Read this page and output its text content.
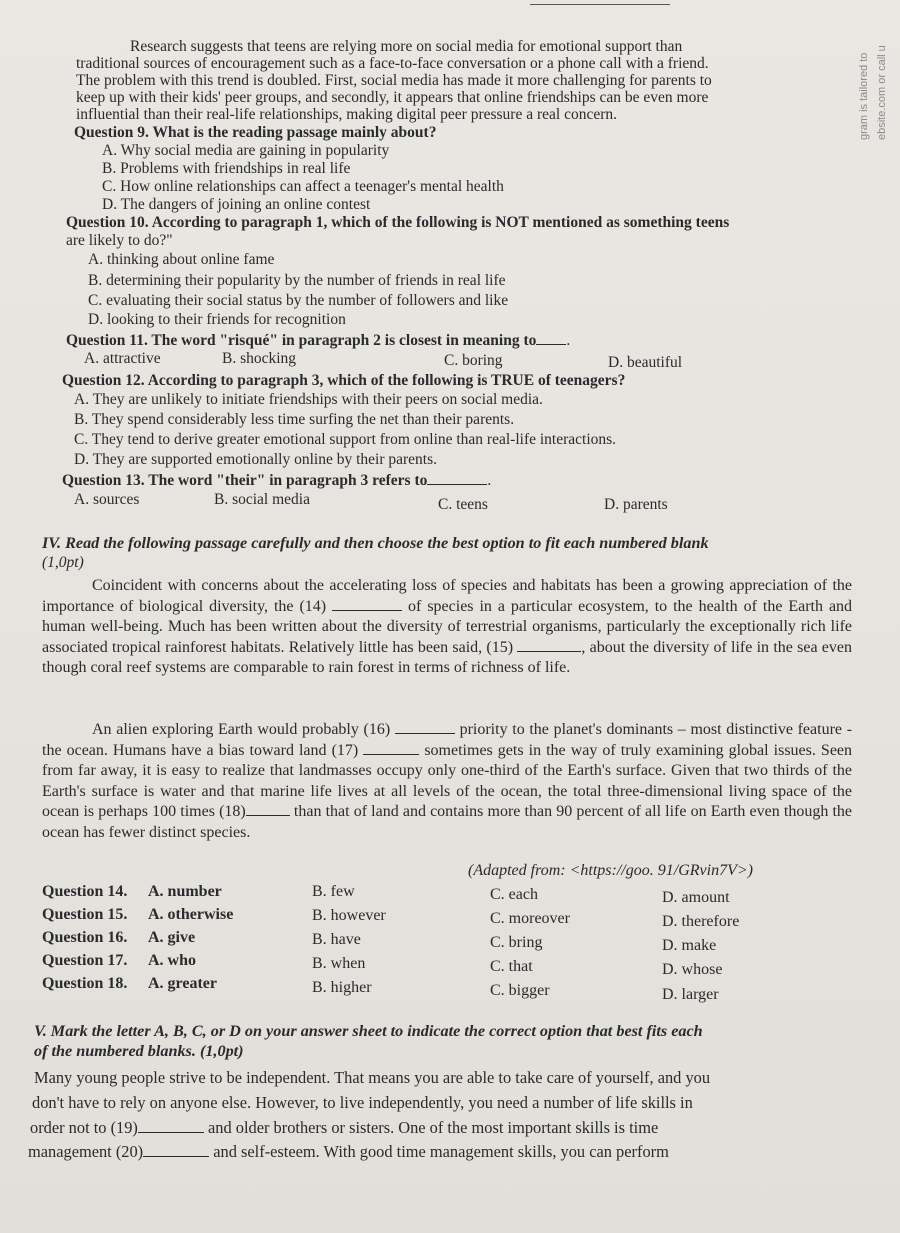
gram is tailored to ebsite.com or call u
Research suggests that teens are relying more on social media for emotional support than
traditional sources of encouragement such as a face-to-face conversation or a phone call with a friend.
The problem with this trend is doubled. First, social media has made it more challenging for parents to
keep up with their kids' peer groups, and secondly, it appears that online friendships can be even more
influential than their real-life relationships, making digital peer pressure a real concern.
Question 9. What is the reading passage mainly about?
A. Why social media are gaining in popularity
B. Problems with friendships in real life
C. How online relationships can affect a teenager's mental health
D. The dangers of joining an online contest
Question 10. According to paragraph 1, which of the following is NOT mentioned as something teens
are likely to do?"
A. thinking about online fame
B. determining their popularity by the number of friends in real life
C. evaluating their social status by the number of followers and like
D. looking to their friends for recognition
Question 11. The word "risqué" in paragraph 2 is closest in meaning to .
A. attractive	B. shocking	C. boring	D. beautiful
Question 12. According to paragraph 3, which of the following is TRUE of teenagers?
A. They are unlikely to initiate friendships with their peers on social media.
B. They spend considerably less time surfing the net than their parents.
C. They tend to derive greater emotional support from online than real-life interactions.
D. They are supported emotionally online by their parents.
Question 13. The word "their" in paragraph 3 refers to	.
A. sources	B. social media	C. teens	D. parents
IV. Read the following passage carefully and then choose the best option to fit each numbered blank
(1,0pt)
Coincident with concerns about the accelerating loss of species and habitats has been a growing appreciation of the importance of biological diversity, the (14)	of species in a particular ecosystem, to the health of the Earth and human well-being. Much has been written about the diversity of terrestrial organisms, particularly the exceptionally rich life associated tropical rainforest habitats. Relatively little has been said, (15)	, about the diversity of life in the sea even though coral reef systems are comparable to rain forest in terms of richness of life.
An alien exploring Earth would probably (16)	priority to the planet's dominants – most distinctive feature - the ocean. Humans have a bias toward land (17)	sometimes gets in the way of truly examining global issues. Seen from far away, it is easy to realize that landmasses occupy only one-third of the Earth's surface. Given that two thirds of the Earth's surface is water and that marine life lives at all levels of the ocean, the total three-dimensional living space of the ocean is perhaps 100 times (18)	than that of land and contains more than 90 percent of all life on Earth even though the ocean has fewer distinct species.
(Adapted from: <https://goo. 91/GRvin7V>)
Question 14. A. number	B. few	C. each	D. amount
Question 15. A. otherwise	B. however	C. moreover	D. therefore
Question 16. A. give	B. have	C. bring	D. make
Question 17. A. who	B. when	C. that	D. whose
Question 18. A. greater	B. higher	C. bigger	D. larger
V. Mark the letter A, B, C, or D on your answer sheet to indicate the correct option that best fits each
of the numbered blanks. (1,0pt)
Many young people strive to be independent. That means you are able to take care of yourself, and you
don't have to rely on anyone else. However, to live independently, you need a number of life skills in
order not to (19)	and older brothers or sisters. One of the most important skills is time
management (20)	and self-esteem. With good time management skills, you can perform
